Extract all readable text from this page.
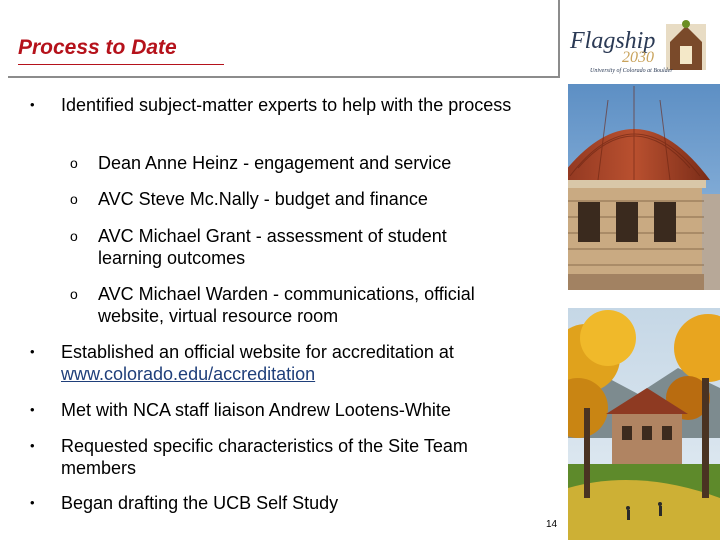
Process to Date
• Identified subject-matter experts to help with the process
o Dean Anne Heinz - engagement and service
o AVC Steve Mc.Nally - budget and finance
o AVC Michael Grant - assessment of student learning outcomes
o AVC Michael Warden - communications, official website, virtual resource room
• Established an official website for accreditation at
www.colorado.edu/accreditation
• Met with NCA staff liaison Andrew Lootens-White
• Requested specific characteristics of the Site Team members
• Began drafting the UCB Self Study
14
Flagship
2030
University of Colorado at Boulder
